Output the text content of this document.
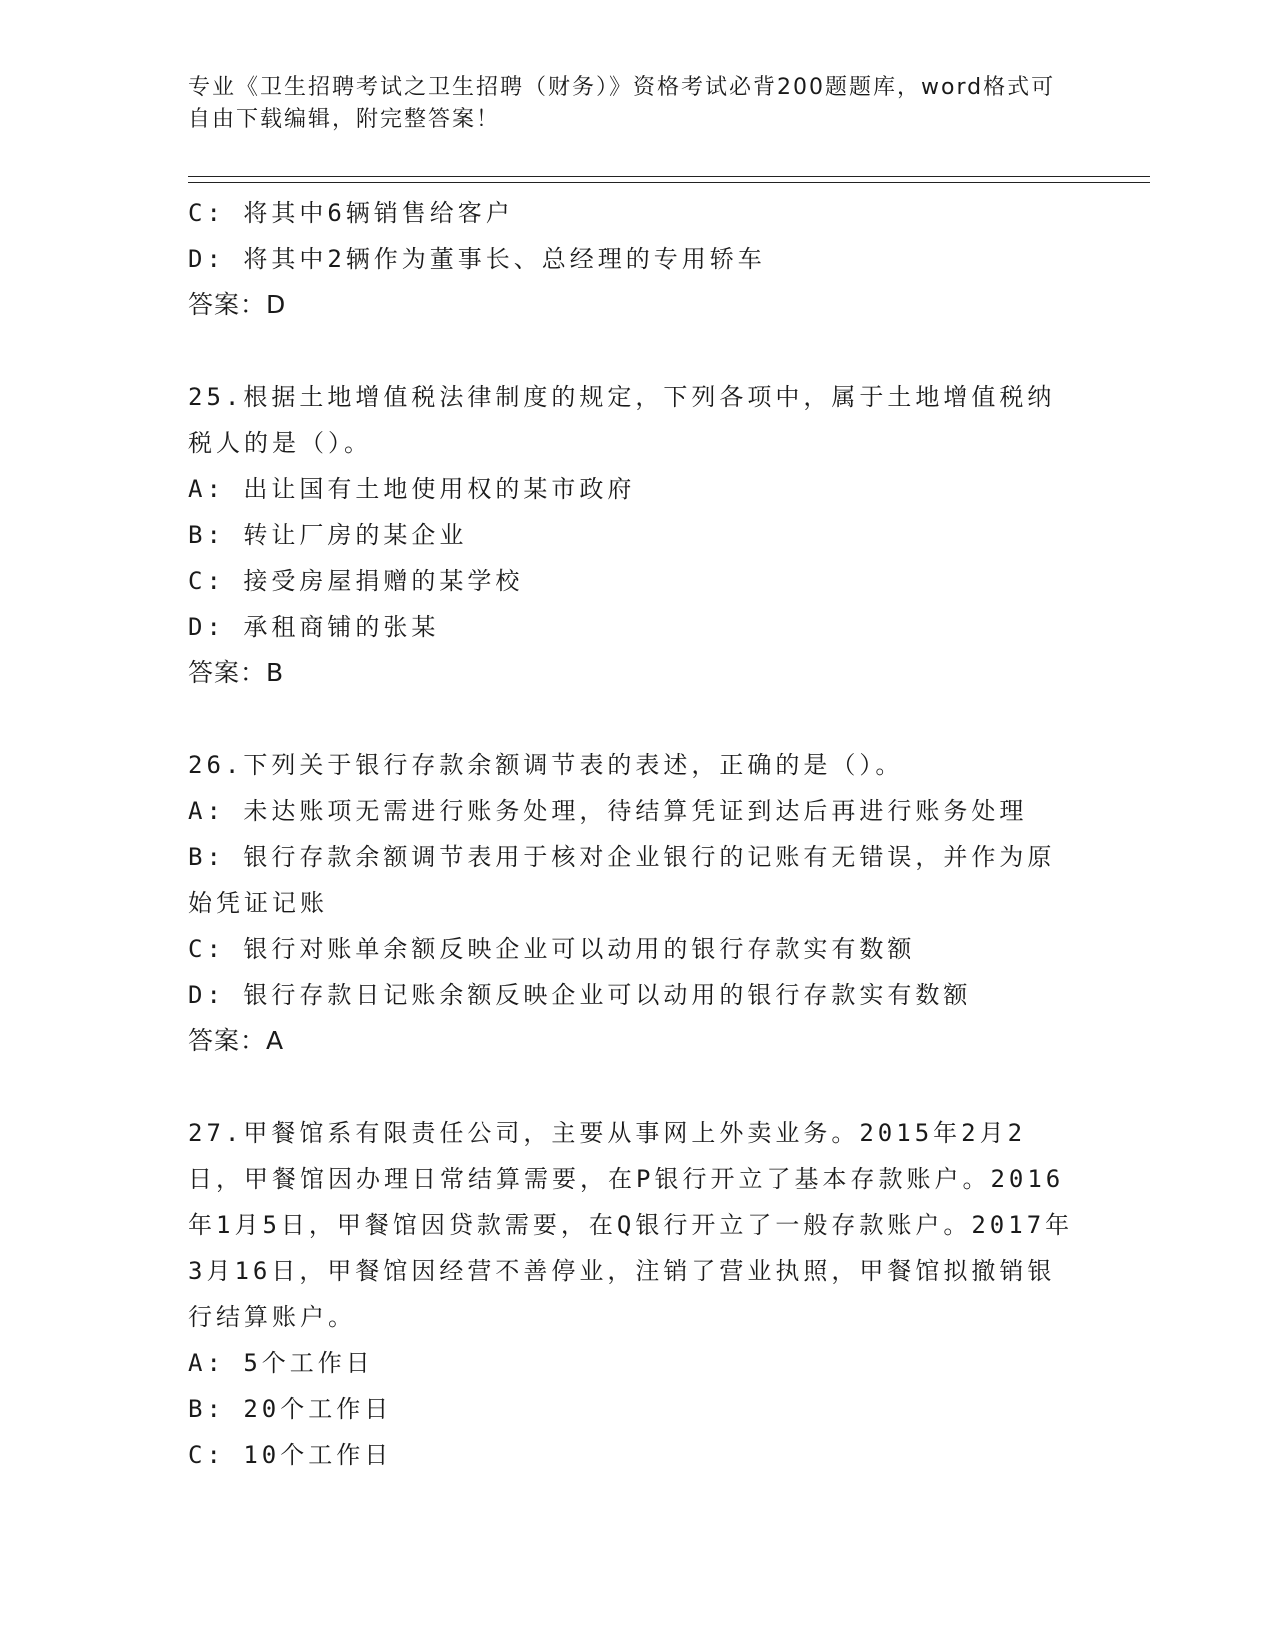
专业《卫生招聘考试之卫生招聘（财务）》资格考试必背200题题库，word格式可自由下载编辑，附完整答案！

C: 将其中6辆销售给客户

D: 将其中2辆作为董事长、总经理的专用轿车

答案：D

25.根据土地增值税法律制度的规定，下列各项中，属于土地增值税纳税人的是（）。

A: 出让国有土地使用权的某市政府

B: 转让厂房的某企业

C: 接受房屋捐赠的某学校

D: 承租商铺的张某

答案：B

26.下列关于银行存款余额调节表的表述，正确的是（）。

A: 未达账项无需进行账务处理，待结算凭证到达后再进行账务处理

B: 银行存款余额调节表用于核对企业银行的记账有无错误，并作为原始凭证记账

C: 银行对账单余额反映企业可以动用的银行存款实有数额

D: 银行存款日记账余额反映企业可以动用的银行存款实有数额

答案：A

27.甲餐馆系有限责任公司，主要从事网上外卖业务。2015年2月2日，甲餐馆因办理日常结算需要，在P银行开立了基本存款账户。2016年1月5日，甲餐馆因贷款需要，在Q银行开立了一般存款账户。2017年3月16日，甲餐馆因经营不善停业，注销了营业执照，甲餐馆拟撤销银行结算账户。

A: 5个工作日

B: 20个工作日

C: 10个工作日
